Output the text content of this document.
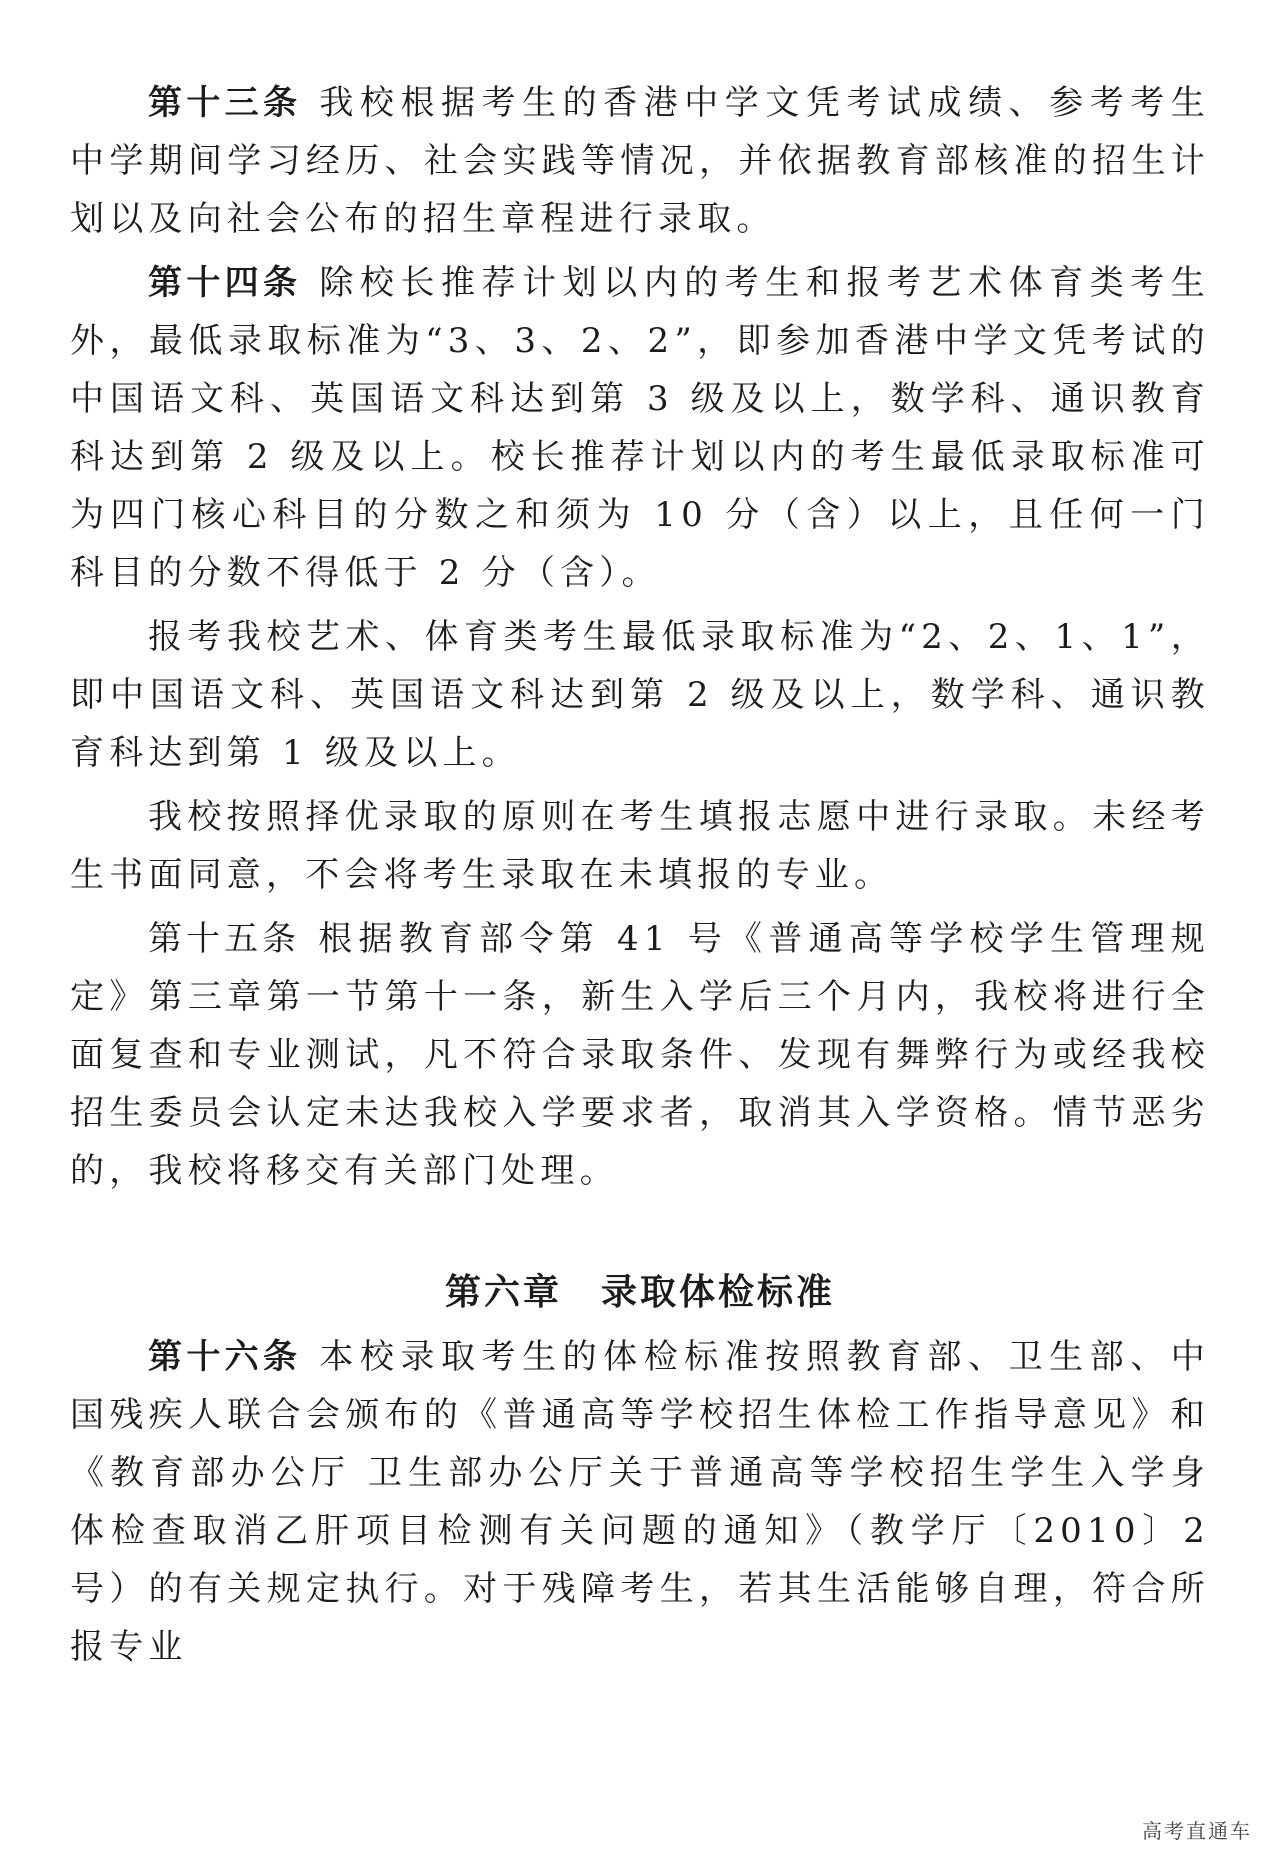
第十三条 我校根据考生的香港中学文凭考试成绩、参考考生中学期间学习经历、社会实践等情况，并依据教育部核准的招生计划以及向社会公布的招生章程进行录取。

第十四条 除校长推荐计划以内的考生和报考艺术体育类考生外，最低录取标准为“3、3、2、2”，即参加香港中学文凭考试的中国语文科、英国语文科达到第 3 级及以上，数学科、通识教育科达到第 2 级及以上。校长推荐计划以内的考生最低录取标准可为四门核心科目的分数之和须为 10 分（含）以上，且任何一门科目的分数不得低于 2 分（含）。

报考我校艺术、体育类考生最低录取标准为“2、2、1、1”，即中国语文科、英国语文科达到第 2 级及以上，数学科、通识教育科达到第 1 级及以上。

我校按照择优录取的原则在考生填报志愿中进行录取。未经考生书面同意，不会将考生录取在未填报的专业。

第十五条 根据教育部令第 41 号《普通高等学校学生管理规定》第三章第一节第十一条，新生入学后三个月内，我校将进行全面复查和专业测试，凡不符合录取条件、发现有舞弊行为或经我校招生委员会认定未达我校入学要求者，取消其入学资格。情节恶劣的，我校将移交有关部门处理。

第六章　录取体检标准

第十六条 本校录取考生的体检标准按照教育部、卫生部、中国残疾人联合会颁布的《普通高等学校招生体检工作指导意见》和《教育部办公厅 卫生部办公厅关于普通高等学校招生学生入学身体检查取消乙肝项目检测有关问题的通知》（教学厅〔2010〕2 号）的有关规定执行。对于残障考生，若其生活能够自理，符合所报专业

高考直通车
